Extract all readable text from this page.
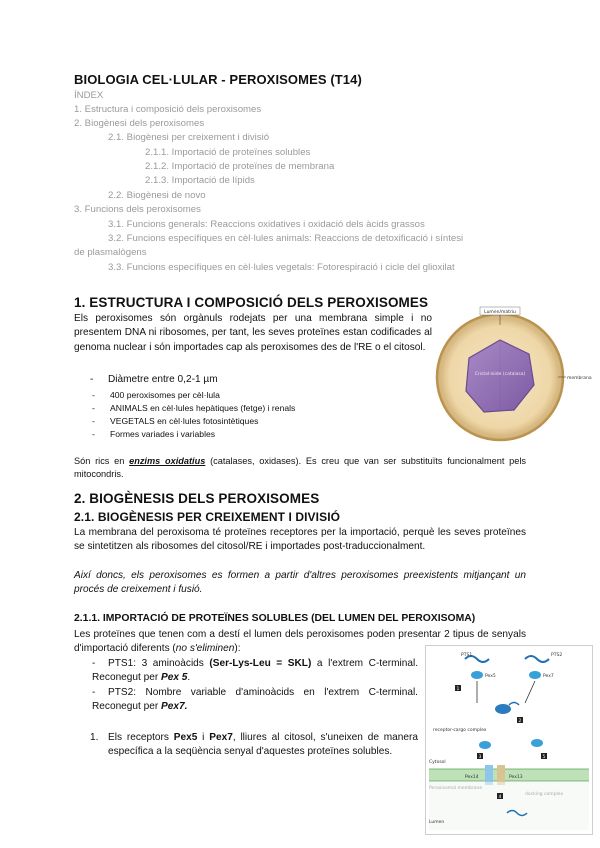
BIOLOGIA CEL·LULAR - PEROXISOMES (T14)
ÍNDEX
1. Estructura i composició dels peroxisomes
2. Biogènesi dels peroxisomes
2.1. Biogènesi per creixement i divisió
2.1.1. Importació de proteïnes solubles
2.1.2. Importació de proteïnes de membrana
2.1.3. Importació de lípids
2.2. Biogènesi de novo
3. Funcions dels peroxisomes
3.1. Funcions generals: Reaccions oxidatives i oxidació dels àcids grassos
3.2. Funcions específiques en cèl·lules animals: Reaccions de detoxificació i síntesi
de plasmalògens
3.3. Funcions específiques en cèl·lules vegetals: Fotorespiració i cicle del glioxilat
1. ESTRUCTURA I COMPOSICIÓ DELS PEROXISOMES
Els peroxisomes són orgànuls rodejats per una membrana simple i no presentem DNA ni ribosomes, per tant, les seves proteïnes estan codificades al genoma nuclear i són importades cap als peroxisomes des de l'RE o el citosol.
- Diàmetre entre 0,2-1 µm
- 400 peroxisomes per cèl·lula
- ANIMALS en cèl·lules hepàtiques (fetge) i renals
- VEGETALS en cèl·lules fotosintètiques
- Formes variades i variables
Són rics en enzims oxidatius (catalases, oxidases). Es creu que van ser substituïts funcionalment pels mitocondris.
Cristal·loide (catalasa)
Lumen/matriu
membrana
2. BIOGÈNESIS DELS PEROXISOMES
2.1. BIOGÈNESIS PER CREIXEMENT I DIVISIÓ
La membrana del peroxisoma té proteïnes receptores per la importació, perquè les seves proteïnes se sintetitzen als ribosomes del citosol/RE i importades post-traduccionalment.
Així doncs, els peroxisomes es formen a partir d'altres peroxisomes preexistents mitjançant un procés de creixement i fusió.
2.1.1. IMPORTACIÓ DE PROTEÏNES SOLUBLES (DEL LUMEN DEL PEROXISOMA)
Les proteïnes que tenen com a destí el lumen dels peroxisomes poden presentar 2 tipus de senyals d'importació diferents (no s'eliminen):
- PTS1: 3 aminoàcids (Ser-Lys-Leu = SKL) a l'extrem C-terminal. Reconegut per Pex 5.
- PTS2: Nombre variable d'aminoàcids en l'extrem C-terminal. Reconegut per Pex7.
1. Els receptors Pex5 i Pex7, lliures al citosol, s'uneixen de manera específica a la seqüència senyal d'aquestes proteïnes solubles.
PTS1	PTS2
Pex5	Pex7
1
2
receptor-cargo complex
3	5
Cytosol
Pex14	Pex13
4
Lumen
